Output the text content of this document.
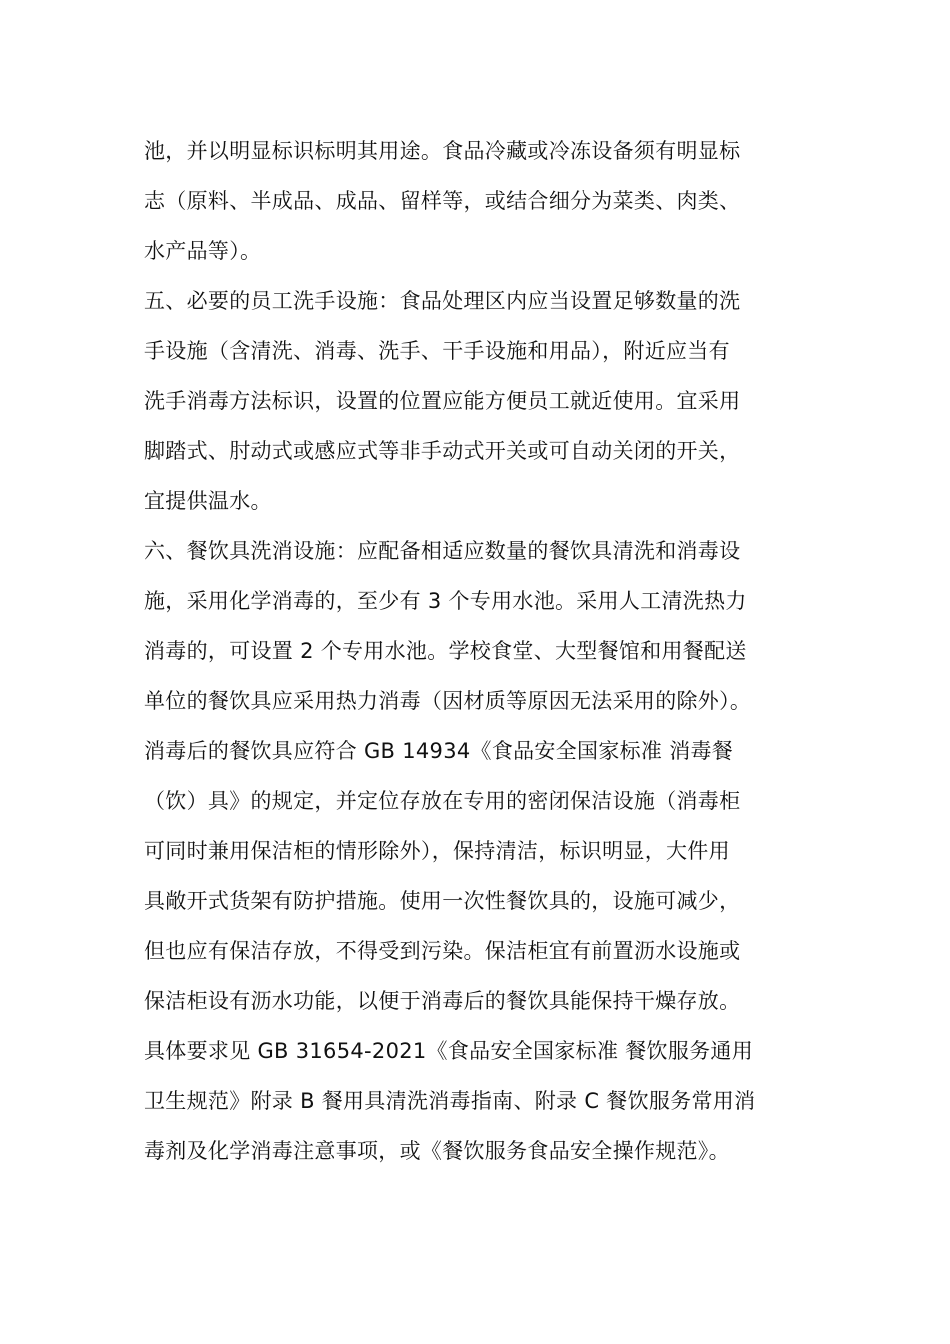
池，并以明显标识标明其用途。食品冷藏或冷冻设备须有明显标
志（原料、半成品、成品、留样等，或结合细分为菜类、肉类、
水产品等）。
五、必要的员工洗手设施：食品处理区内应当设置足够数量的洗
手设施（含清洗、消毒、洗手、干手设施和用品），附近应当有
洗手消毒方法标识，设置的位置应能方便员工就近使用。宜采用
脚踏式、肘动式或感应式等非手动式开关或可自动关闭的开关，
宜提供温水。
六、餐饮具洗消设施：应配备相适应数量的餐饮具清洗和消毒设
施，采用化学消毒的，至少有 3 个专用水池。采用人工清洗热力
消毒的，可设置 2 个专用水池。学校食堂、大型餐馆和用餐配送
单位的餐饮具应采用热力消毒（因材质等原因无法采用的除外）。
消毒后的餐饮具应符合 GB 14934《食品安全国家标准 消毒餐
（饮）具》的规定，并定位存放在专用的密闭保洁设施（消毒柜
可同时兼用保洁柜的情形除外），保持清洁，标识明显，大件用
具敞开式货架有防护措施。使用一次性餐饮具的，设施可减少，
但也应有保洁存放，不得受到污染。保洁柜宜有前置沥水设施或
保洁柜设有沥水功能，以便于消毒后的餐饮具能保持干燥存放。
具体要求见 GB 31654-2021《食品安全国家标准 餐饮服务通用
卫生规范》附录 B 餐用具清洗消毒指南、附录 C 餐饮服务常用消
毒剂及化学消毒注意事项，或《餐饮服务食品安全操作规范》。
